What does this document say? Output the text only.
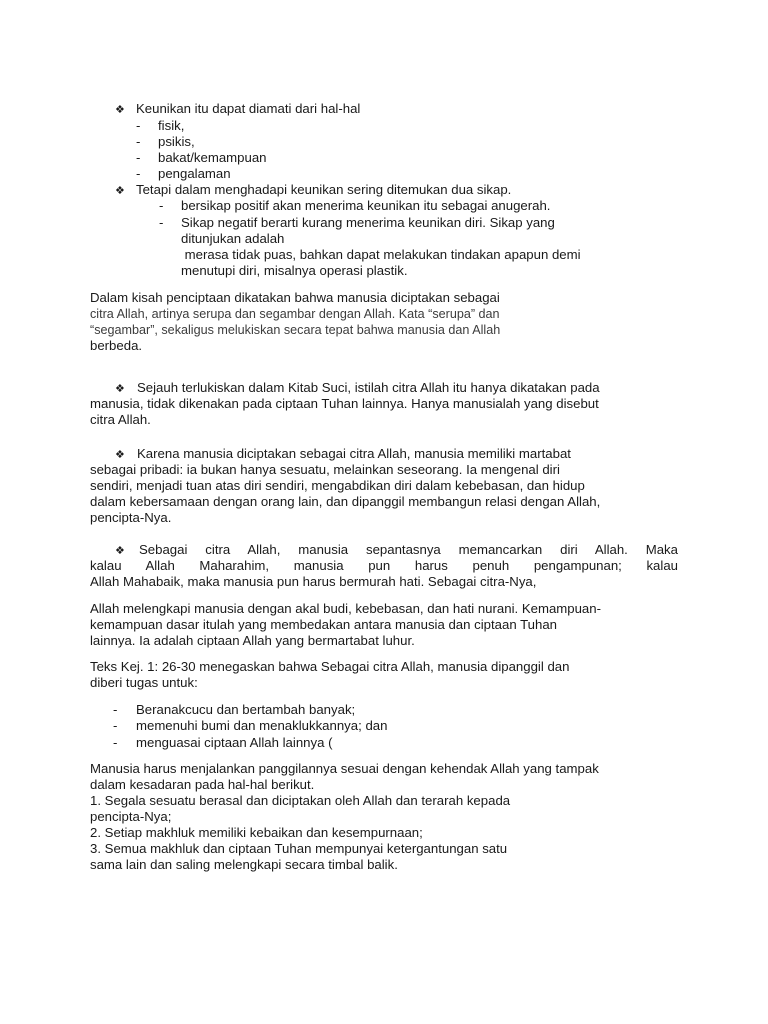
❖ Keunikan itu dapat diamati dari hal-hal
- fisik,
- psikis,
- bakat/kemampuan
- pengalaman
❖ Tetapi dalam menghadapi keunikan sering ditemukan dua sikap.
- bersikap positif akan menerima keunikan itu sebagai anugerah.
- Sikap negatif berarti kurang menerima keunikan diri. Sikap yang
ditunjukan adalah
merasa tidak puas, bahkan dapat melakukan tindakan apapun demi
menutupi diri, misalnya operasi plastik.
Dalam kisah penciptaan dikatakan bahwa manusia diciptakan sebagai
citra Allah, artinya serupa dan segambar dengan Allah. Kata “serupa” dan
“segambar”, sekaligus melukiskan secara tepat bahwa manusia dan Allah
berbeda.
❖ Sejauh terlukiskan dalam Kitab Suci, istilah citra Allah itu hanya dikatakan pada
manusia, tidak dikenakan pada ciptaan Tuhan lainnya. Hanya manusialah yang disebut
citra Allah.
❖ Karena manusia diciptakan sebagai citra Allah, manusia memiliki martabat
sebagai pribadi: ia bukan hanya sesuatu, melainkan seseorang. Ia mengenal diri
sendiri, menjadi tuan atas diri sendiri, mengabdikan diri dalam kebebasan, dan hidup
dalam kebersamaan dengan orang lain, dan dipanggil membangun relasi dengan Allah,
pencipta-Nya.
❖ Sebagai citra Allah, manusia sepantasnya memancarkan diri Allah. Maka
kalau Allah Maharahim, manusia pun harus penuh pengampunan; kalau
Allah Mahabaik, maka manusia pun harus bermurah hati. Sebagai citra-Nya,
Allah melengkapi manusia dengan akal budi, kebebasan, dan hati nurani. Kemampuan-
kemampuan dasar itulah yang membedakan antara manusia dan ciptaan Tuhan
lainnya. Ia adalah ciptaan Allah yang bermartabat luhur.
Teks Kej. 1: 26-30 menegaskan bahwa Sebagai citra Allah, manusia dipanggil dan
diberi tugas untuk:
- Beranakcucu dan bertambah banyak;
- memenuhi bumi dan menaklukkannya; dan
- menguasai ciptaan Allah lainnya (
Manusia harus menjalankan panggilannya sesuai dengan kehendak Allah yang tampak
dalam kesadaran pada hal-hal berikut.
1. Segala sesuatu berasal dan diciptakan oleh Allah dan terarah kepada
pencipta-Nya;
2. Setiap makhluk memiliki kebaikan dan kesempurnaan;
3. Semua makhluk dan ciptaan Tuhan mempunyai ketergantungan satu
sama lain dan saling melengkapi secara timbal balik.
